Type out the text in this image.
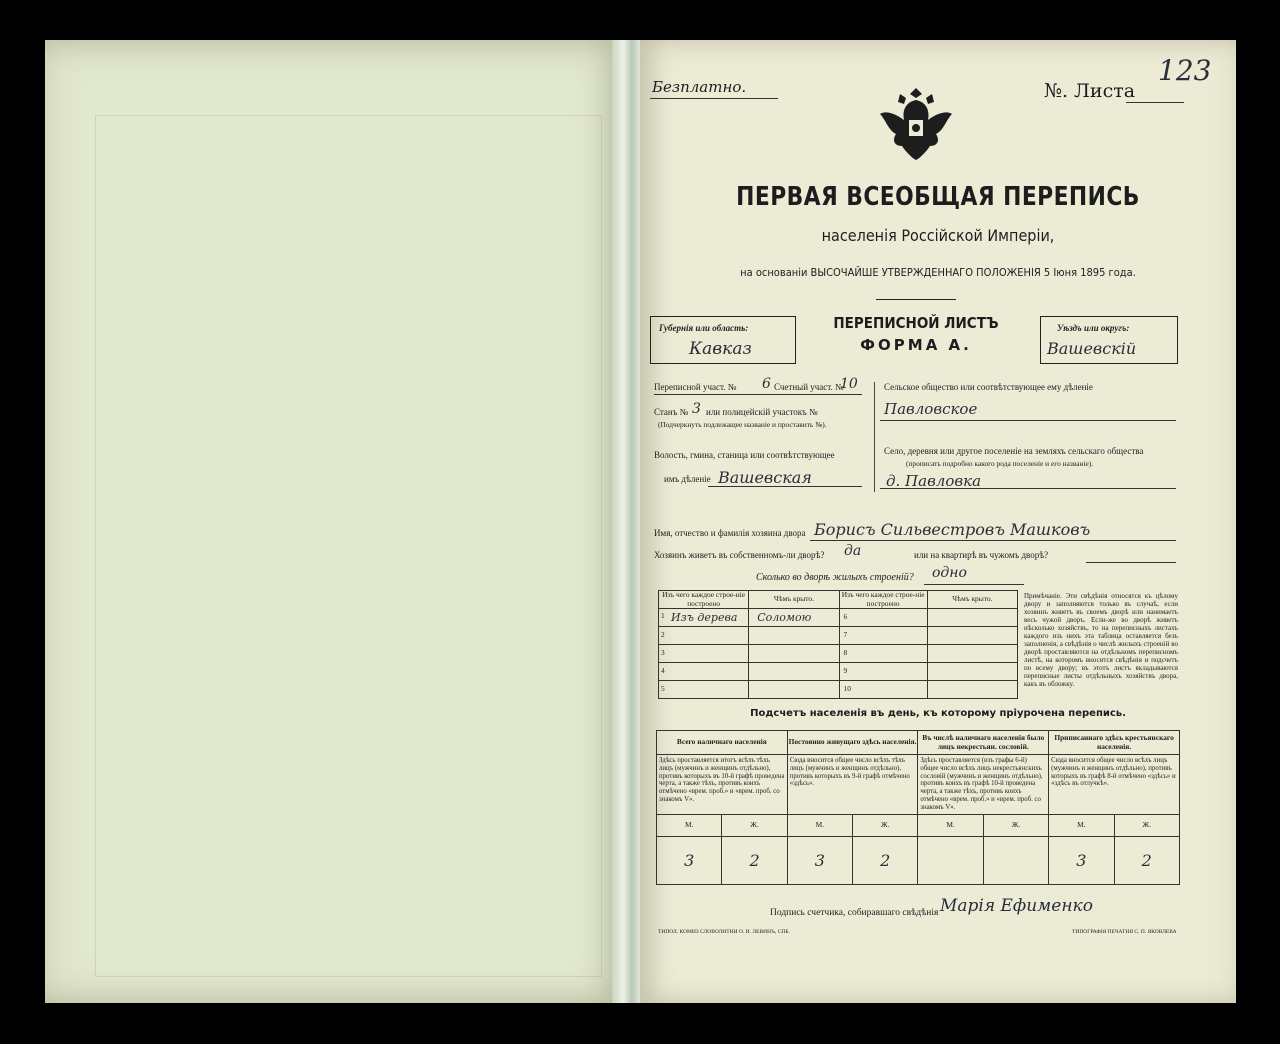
Безплатно.	№. Листа
123
ПЕРВАЯ ВСЕОБЩАЯ ПЕРЕПИСЬ
населенія Россійской Имперіи,
на основаніи ВЫСОЧАЙШЕ УТВЕРЖДЕННАГО ПОЛОЖЕНІЯ 5 Іюня 1895 года.
Губернія или область:
Кавказ
ПЕРЕПИСНОЙ ЛИСТЪ
ФОРМА А.
Уѣздъ или округъ:
Вашевскій
Переписной участ. № 6 Счетный участ. №
10
Станъ № 3 или полицейскій участокъ №
(Подчеркнуть подлежащее названіе и проставить №).
Волость, гмина, станица или соотвѣтствующее
имъ дѣленіе Вашевская
Сельское общество или соотвѣтствующее ему дѣленіе
Павловское
Село, деревня или другое поселеніе на земляхъ сельскаго общества
(прописать подробно какого рода поселеніе и его названіе).
д. Павловка
Имя, отчество и фамилія хозяина двора Борисъ Сильвестровъ Машковъ
Хозяинъ живетъ въ собственномъ-ли дворѣ? да	или на квартирѣ въ чужомъ дворѣ?
Сколько во дворѣ жилыхъ строеній? одно
Изъ чего каждое строе-ніе построено	Чѣмъ крыто.	Изъ чего каждое строе-ніе построено	Чѣмъ крыто.

1 Изъ дерева	Соломою	6	
2		7	
3		8	
4		9	
5		10	
Примѣчаніе. Эти свѣдѣнія относятся къ цѣлому двору и заполняются только въ случаѣ, если хозяинъ живетъ въ своемъ дворѣ или нанимаетъ весь чужой дворъ. Если-же во дворѣ живетъ нѣсколько хозяйствъ, то на переписныхъ листахъ каждого изъ нихъ эта таблица оставляется безъ заполненія, а свѣдѣнія о числѣ жилыхъ строеній во дворѣ проставляются на отдѣльномъ переписномъ листѣ, на которомъ вносится свѣдѣнія и подсчетъ по всему двору; въ этотъ листъ вкладываются переписные листы отдѣльныхъ хозяйствъ двора, какъ въ обложку.
Подсчетъ населенія въ день, къ которому пріурочена перепись.
Всего наличнаго населенія		Постоянно живущаго здѣсь населенія.		Въ числѣ наличнаго населенія было лицъ некрестьян. сословій.		Приписаннаго здѣсь крестьянскаго населенія.	
Здѣсь проставляется итогъ всѣхъ тѣхъ лицъ (мужчинъ и женщинъ отдѣльно), противъ которыхъ въ 10-й графѣ проведена черта, а также тѣхъ, противъ коихъ отмѣчено «врем. проб.» и «врем. проб. со знакомъ V».		Сюда вносится общее число всѣхъ тѣхъ лицъ (мужчинъ и женщинъ отдѣльно), противъ которыхъ въ 9-й графѣ отмѣчено «здѣсь».		Здѣсь проставляется (изъ графы 6-й) общее число всѣхъ лицъ некрестьянскихъ сословій (мужчинъ и женщинъ отдѣльно), противъ коихъ въ графѣ 10-й проведена черта, а также тѣхъ, противъ коихъ отмѣчено «врем. проб.» и «врем. проб. со знакомъ V».		Сюда вносится общее число всѣхъ лицъ (мужчинъ и женщинъ отдѣльно), противъ которыхъ въ графѣ 8-й отмѣчено «здѣсь» и «здѣсь въ отлучкѣ».	
М.	Ж.	М.	Ж.	М.	Ж.	М.	Ж.
3	2	3	2			3	2
Подпись счетчика, собиравшаго свѣдѣнія Марія Ефименко
ТИПОЛ. КОМИЗ СЛОВОЛИТНИ О. И. ЛЕВИНЪ, СПБ.	ТИПОГРАФІЯ ПЕЧАТНЯ С. П. ЯКОВЛЕВА
